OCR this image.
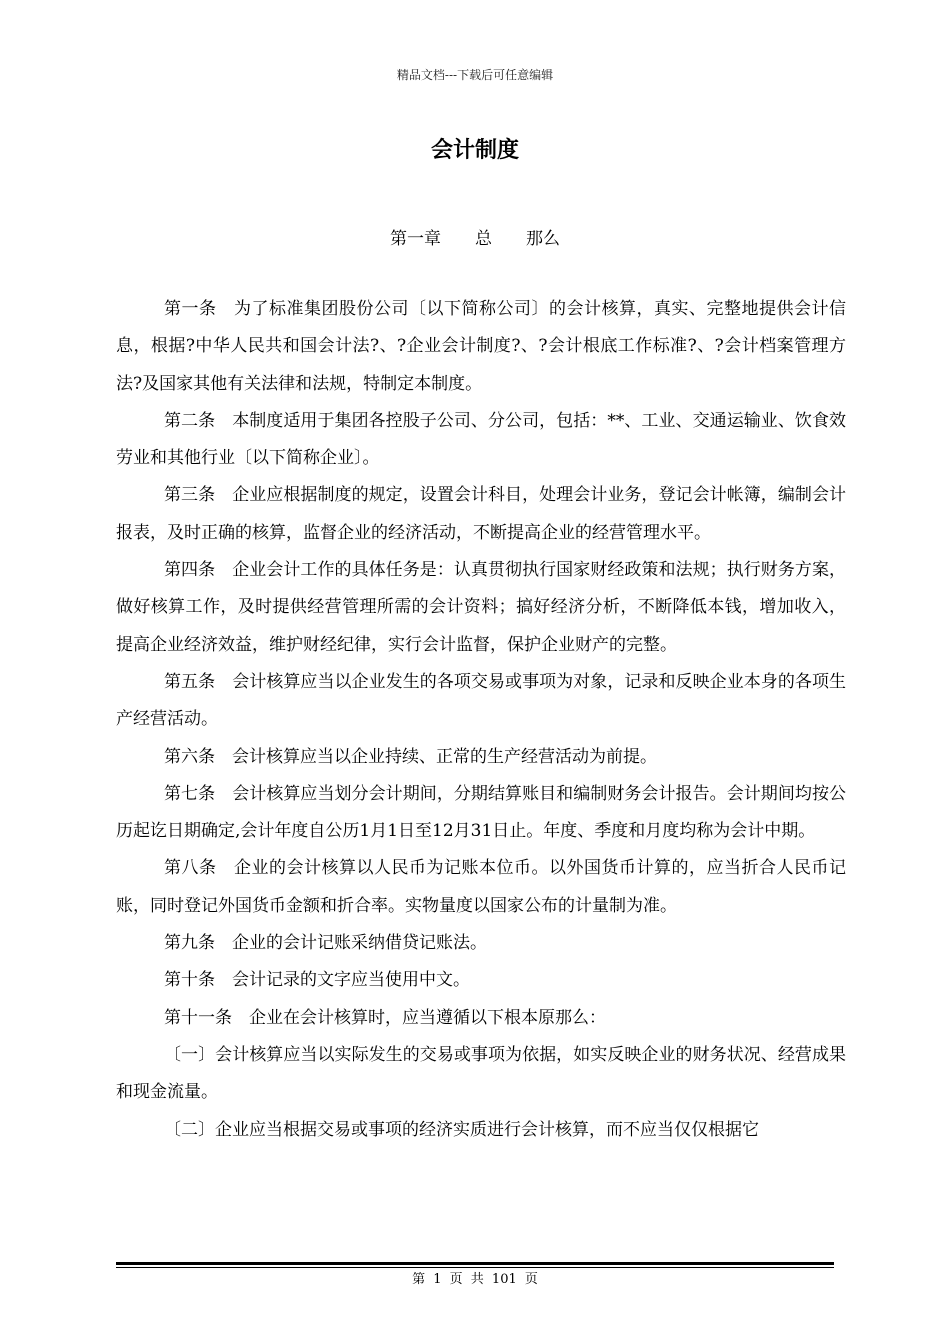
精品文档---下载后可任意编辑
会计制度
第一章　　总　　那么

第一条　为了标准集团股份公司〔以下简称公司〕的会计核算，真实、完整地提供会计信息，根据?中华人民共和国会计法?、?企业会计制度?、?会计根底工作标准?、?会计档案管理方法?及国家其他有关法律和法规，特制定本制度。

第二条　本制度适用于集团各控股子公司、分公司，包括：**、工业、交通运输业、饮食效劳业和其他行业〔以下简称企业〕。

第三条　企业应根据制度的规定，设置会计科目，处理会计业务，登记会计帐簿，编制会计报表，及时正确的核算，监督企业的经济活动，不断提高企业的经营管理水平。

第四条　企业会计工作的具体任务是：认真贯彻执行国家财经政策和法规；执行财务方案，做好核算工作，及时提供经营管理所需的会计资料；搞好经济分析，不断降低本钱，增加收入，提高企业经济效益，维护财经纪律，实行会计监督，保护企业财产的完整。

第五条　会计核算应当以企业发生的各项交易或事项为对象，记录和反映企业本身的各项生产经营活动。

第六条　会计核算应当以企业持续、正常的生产经营活动为前提。

第七条　会计核算应当划分会计期间，分期结算账目和编制财务会计报告。会计期间均按公历起讫日期确定,会计年度自公历1月1日至12月31日止。年度、季度和月度均称为会计中期。

第八条　企业的会计核算以人民币为记账本位币。以外国货币计算的，应当折合人民币记账，同时登记外国货币金额和折合率。实物量度以国家公布的计量制为准。

第九条　企业的会计记账采纳借贷记账法。

第十条　会计记录的文字应当使用中文。

第十一条　企业在会计核算时，应当遵循以下根本原那么：

〔一〕会计核算应当以实际发生的交易或事项为依据，如实反映企业的财务状况、经营成果和现金流量。

〔二〕企业应当根据交易或事项的经济实质进行会计核算，而不应当仅仅根据它

第 1 页 共 101 页
